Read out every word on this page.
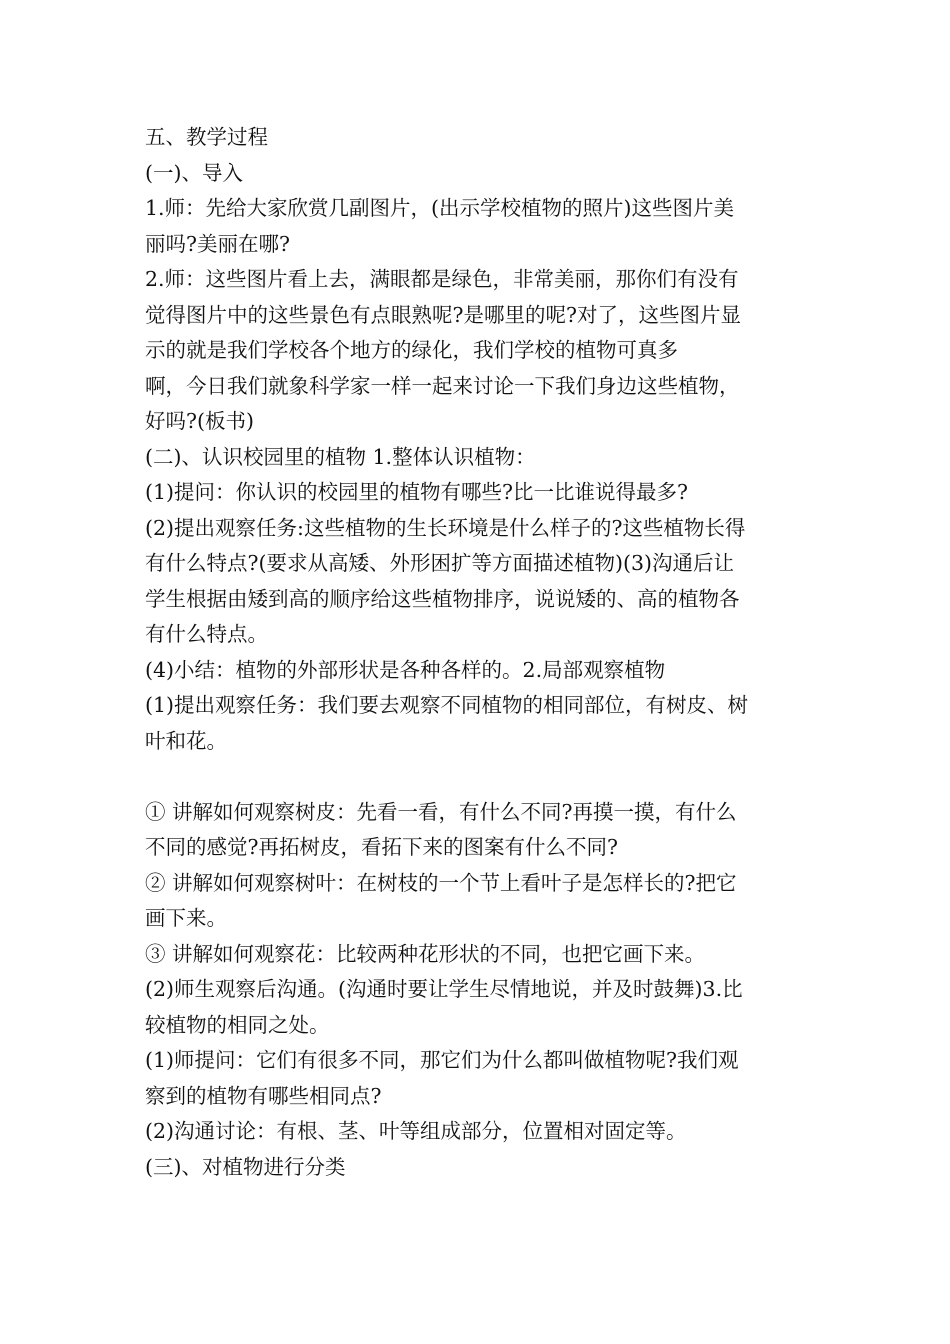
五、教学过程

(一)、导入

1.师：先给大家欣赏几副图片，(出示学校植物的照片)这些图片美

丽吗?美丽在哪?

2.师：这些图片看上去，满眼都是绿色，非常美丽，那你们有没有

觉得图片中的这些景色有点眼熟呢?是哪里的呢?对了，这些图片显

示的就是我们学校各个地方的绿化，我们学校的植物可真多

啊，今日我们就象科学家一样一起来讨论一下我们身边这些植物，

好吗?(板书)

(二)、认识校园里的植物 1.整体认识植物：

(1)提问：你认识的校园里的植物有哪些?比一比谁说得最多?

(2)提出观察任务:这些植物的生长环境是什么样子的?这些植物长得

有什么特点?(要求从高矮、外形困扩等方面描述植物)(3)沟通后让

学生根据由矮到高的顺序给这些植物排序，说说矮的、高的植物各

有什么特点。

(4)小结：植物的外部形状是各种各样的。2.局部观察植物

(1)提出观察任务：我们要去观察不同植物的相同部位，有树皮、树

叶和花。

① 讲解如何观察树皮：先看一看，有什么不同?再摸一摸，有什么

不同的感觉?再拓树皮，看拓下来的图案有什么不同?

② 讲解如何观察树叶：在树枝的一个节上看叶子是怎样长的?把它

画下来。

③ 讲解如何观察花：比较两种花形状的不同，也把它画下来。

(2)师生观察后沟通。(沟通时要让学生尽情地说，并及时鼓舞)3.比

较植物的相同之处。

(1)师提问：它们有很多不同，那它们为什么都叫做植物呢?我们观

察到的植物有哪些相同点?

(2)沟通讨论：有根、茎、叶等组成部分，位置相对固定等。

(三)、对植物进行分类
